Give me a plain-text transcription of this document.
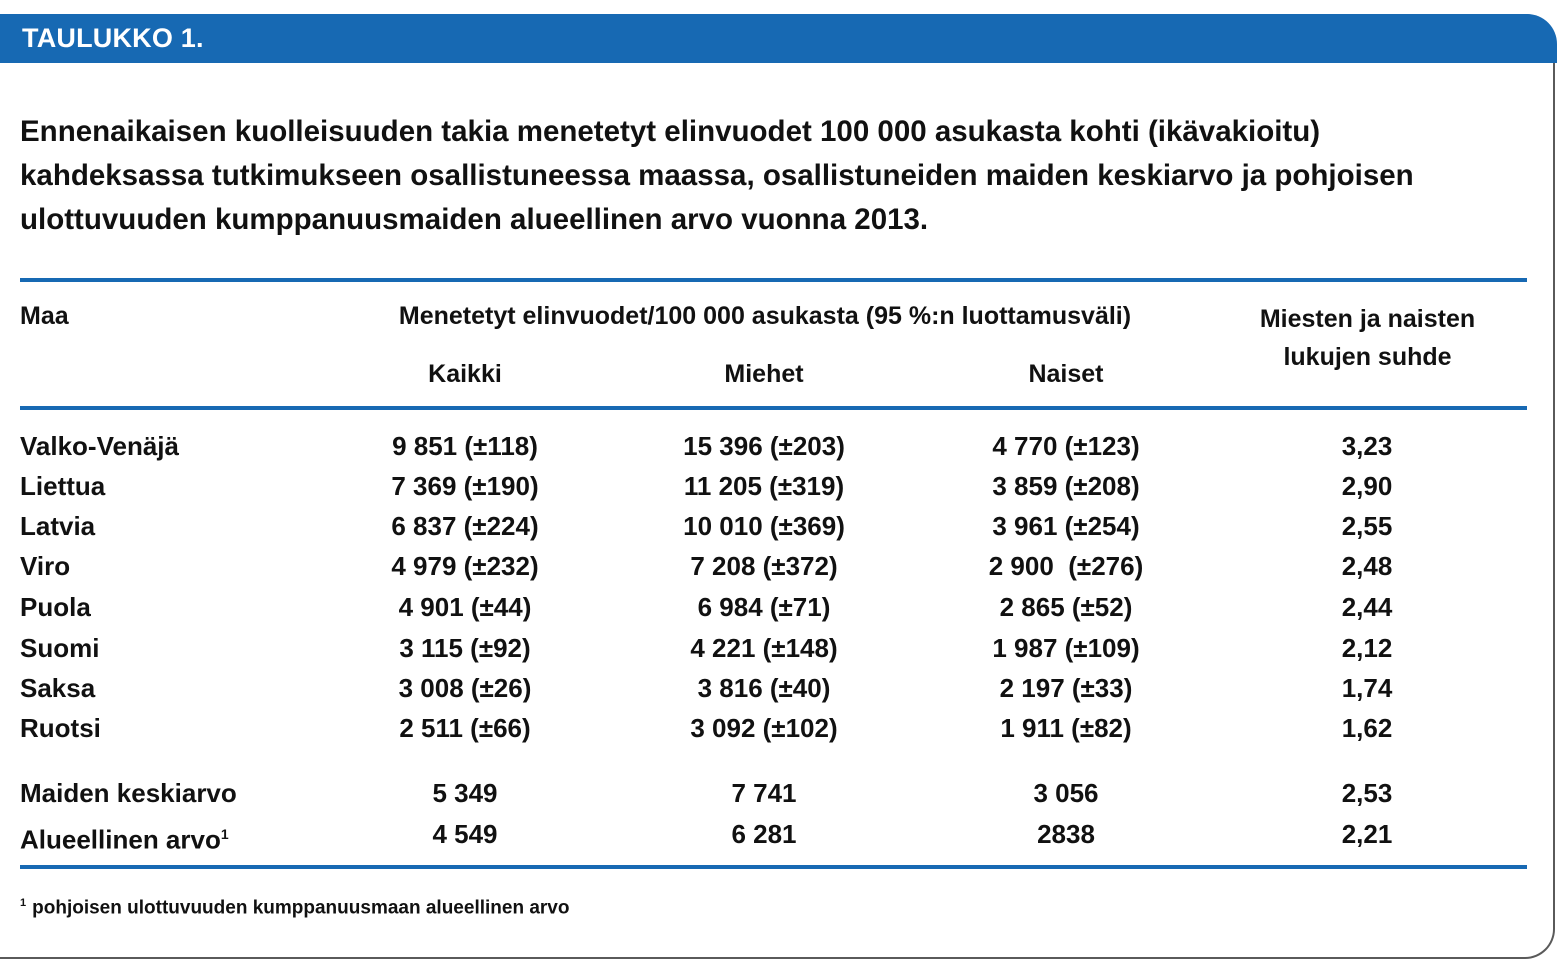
TAULUKKO 1.
Ennenaikaisen kuolleisuuden takia menetetyt elinvuodet 100 000 asukasta kohti (ikävakioitu)
kahdeksassa tutkimukseen osallistuneessa maassa, osallistuneiden maiden keskiarvo ja pohjoisen
ulottuvuuden kumppanuusmaiden alueellinen arvo vuonna 2013.
Maa	Menetetyt elinvuodet/100 000 asukasta (95 %:n luottamusväli)	Miesten ja naisten
lukujen suhde
Kaikki	Miehet	Naiset
Valko-Venäjä	9 851 (±118)	15 396 (±203)	4 770 (±123)	3,23
Liettua	7 369 (±190)	11 205 (±319)	3 859 (±208)	2,90
Latvia	6 837 (±224)	10 010 (±369)	3 961 (±254)	2,55
Viro	4 979 (±232)	7 208 (±372)	2 900  (±276)	2,48
Puola	4 901 (±44)	6 984 (±71)	2 865 (±52)	2,44
Suomi	3 115 (±92)	4 221 (±148)	1 987 (±109)	2,12
Saksa	3 008 (±26)	3 816 (±40)	2 197 (±33)	1,74
Ruotsi	2 511 (±66)	3 092 (±102)	1 911 (±82)	1,62
Maiden keskiarvo	5 349	7 741	3 056	2,53
Alueellinen arvo$^1$	4 549	6 281	2838	2,21
$^1$ pohjoisen ulottuvuuden kumppanuusmaan alueellinen arvo
